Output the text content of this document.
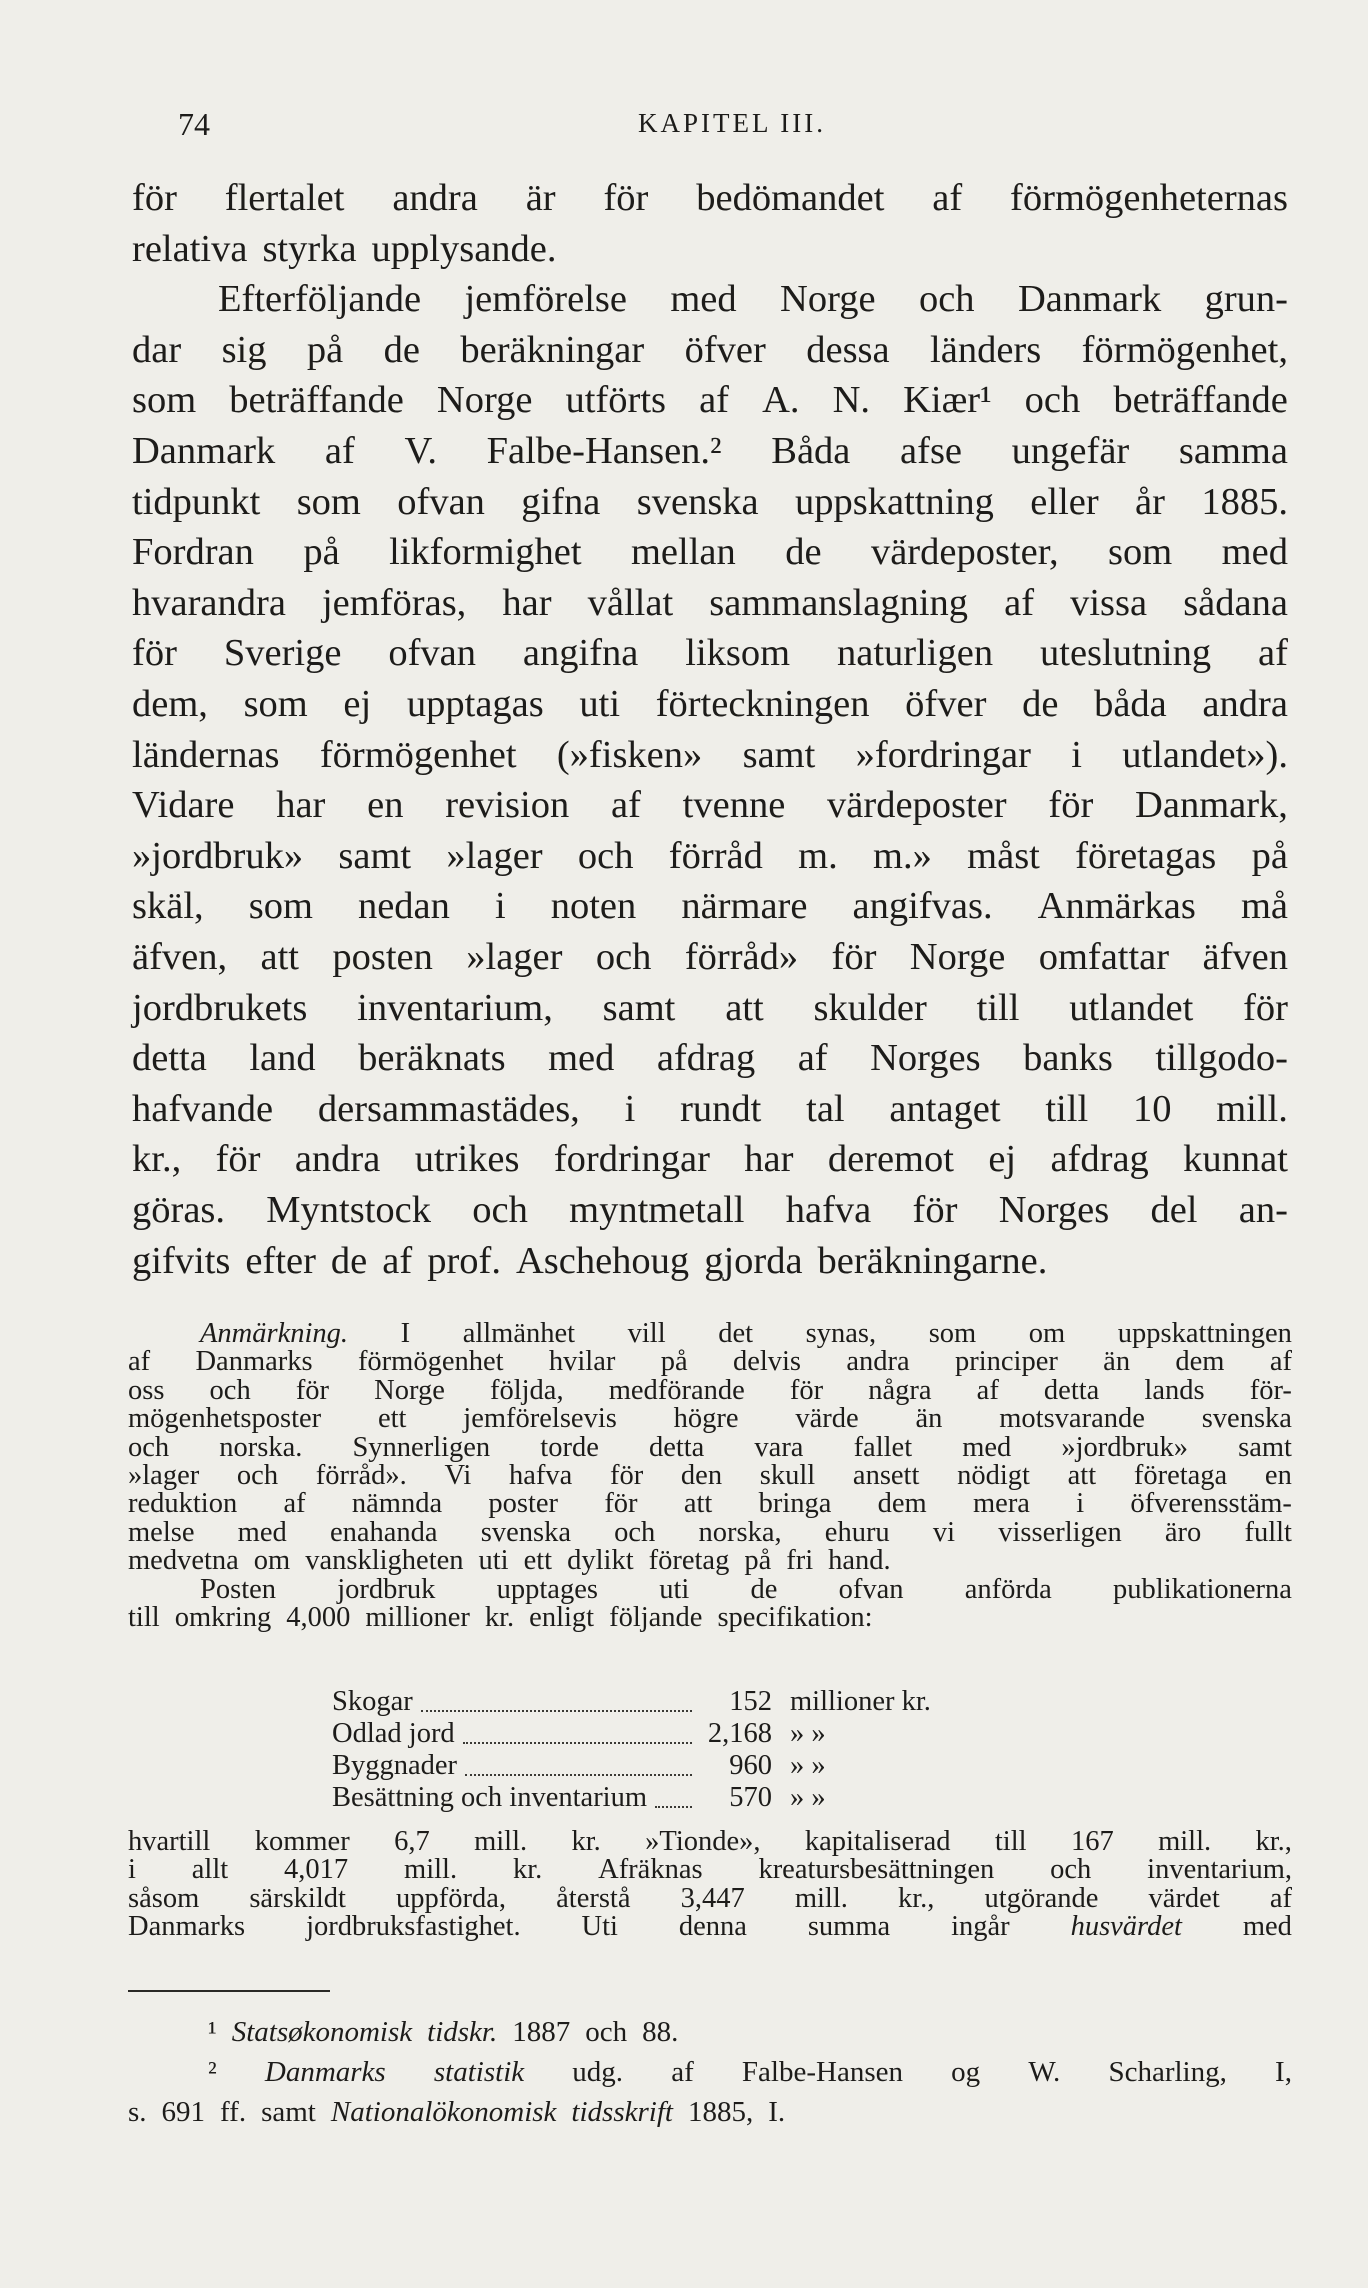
74	KAPITEL III.
för flertalet andra är för bedömandet af förmögenheternas
relativa styrka upplysande.
Efterföljande jemförelse med Norge och Danmark grun-
dar sig på de beräkningar öfver dessa länders förmögenhet,
som beträffande Norge utförts af A. N. Kiær¹ och beträffande
Danmark af V. Falbe-Hansen.² Båda afse ungefär samma
tidpunkt som ofvan gifna svenska uppskattning eller år 1885.
Fordran på likformighet mellan de värdeposter, som med
hvarandra jemföras, har vållat sammanslagning af vissa sådana
för Sverige ofvan angifna liksom naturligen uteslutning af
dem, som ej upptagas uti förteckningen öfver de båda andra
ländernas förmögenhet (»fisken» samt »fordringar i utlandet»).
Vidare har en revision af tvenne värdeposter för Danmark,
»jordbruk» samt »lager och förråd m. m.» måst företagas på
skäl, som nedan i noten närmare angifvas. Anmärkas må
äfven, att posten »lager och förråd» för Norge omfattar äfven
jordbrukets inventarium, samt att skulder till utlandet för
detta land beräknats med afdrag af Norges banks tillgodo-
hafvande dersammastädes, i rundt tal antaget till 10 mill.
kr., för andra utrikes fordringar har deremot ej afdrag kunnat
göras. Myntstock och myntmetall hafva för Norges del an-
gifvits efter de af prof. Aschehoug gjorda beräkningarne.
Anmärkning. I allmänhet vill det synas, som om uppskattningen
af Danmarks förmögenhet hvilar på delvis andra principer än dem af
oss och för Norge följda, medförande för några af detta lands för-
mögenhetsposter ett jemförelsevis högre värde än motsvarande svenska
och norska. Synnerligen torde detta vara fallet med »jordbruk» samt
»lager och förråd». Vi hafva för den skull ansett nödigt att företaga en
reduktion af nämnda poster för att bringa dem mera i öfverensstäm-
melse med enahanda svenska och norska, ehuru vi visserligen äro fullt
medvetna om vanskligheten uti ett dylikt företag på fri hand.
Posten jordbruk upptages uti de ofvan anförda publikationerna
till omkring 4,000 millioner kr. enligt följande specifikation:
Skogar	152 millioner kr.
Odlad jord	2,168 » »
Byggnader	960 » »
Besättning och inventarium	570 » »
hvartill kommer 6,7 mill. kr. »Tionde», kapitaliserad till 167 mill. kr.,
i allt 4,017 mill. kr. Afräknas kreatursbesättningen och inventarium,
såsom särskildt uppförda, återstå 3,447 mill. kr., utgörande värdet af
Danmarks jordbruksfastighet. Uti denna summa ingår husvärdet med
¹ Statsøkonomisk tidskr. 1887 och 88.
² Danmarks statistik udg. af Falbe-Hansen og W. Scharling, I,
s. 691 ff. samt Nationalökonomisk tidsskrift 1885, I.
